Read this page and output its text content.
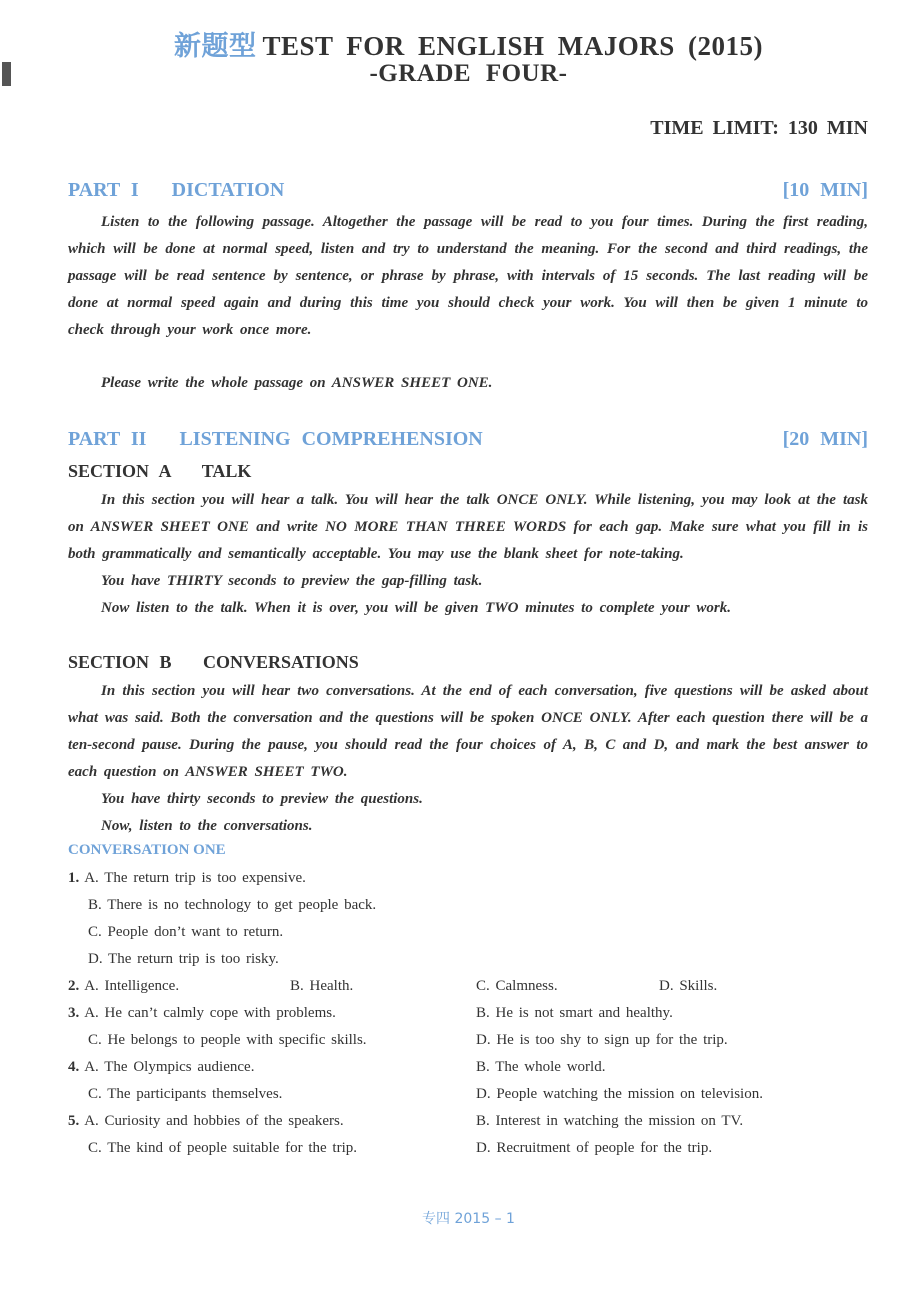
新题型 TEST FOR ENGLISH MAJORS (2015)
-GRADE FOUR-
TIME LIMIT: 130 MIN
PART I   DICTATION	[10 MIN]

Listen to the following passage. Altogether the passage will be read to you four times. During the first reading, which will be done at normal speed, listen and try to understand the meaning. For the second and third readings, the passage will be read sentence by sentence, or phrase by phrase, with intervals of 15 seconds. The last reading will be done at normal speed again and during this time you should check your work. You will then be given 1 minute to check through your work once more.

Please write the whole passage on ANSWER SHEET ONE.

PART II   LISTENING COMPREHENSION	[20 MIN]
SECTION A   TALK

In this section you will hear a talk. You will hear the talk ONCE ONLY. While listening, you may look at the task on ANSWER SHEET ONE and write NO MORE THAN THREE WORDS for each gap. Make sure what you fill in is both grammatically and semantically acceptable. You may use the blank sheet for note-taking.

You have THIRTY seconds to preview the gap-filling task.

Now listen to the talk. When it is over, you will be given TWO minutes to complete your work.

SECTION B   CONVERSATIONS

In this section you will hear two conversations. At the end of each conversation, five questions will be asked about what was said. Both the conversation and the questions will be spoken ONCE ONLY. After each question there will be a ten-second pause. During the pause, you should read the four choices of A, B, C and D, and mark the best answer to each question on ANSWER SHEET TWO.

You have thirty seconds to preview the questions.

Now, listen to the conversations.

CONVERSATION ONE
1. A. The return trip is too expensive.
B. There is no technology to get people back.
C. People don’t want to return.
D. The return trip is too risky.
2. A. Intelligence.	B. Health.	C. Calmness.	D. Skills.
3. A. He can’t calmly cope with problems.	B. He is not smart and healthy.
C. He belongs to people with specific skills.	D. He is too shy to sign up for the trip.
4. A. The Olympics audience.	B. The whole world.
C. The participants themselves.	D. People watching the mission on television.
5. A. Curiosity and hobbies of the speakers.	B. Interest in watching the mission on TV.
C. The kind of people suitable for the trip.	D. Recruitment of people for the trip.
专四 2015 – 1
